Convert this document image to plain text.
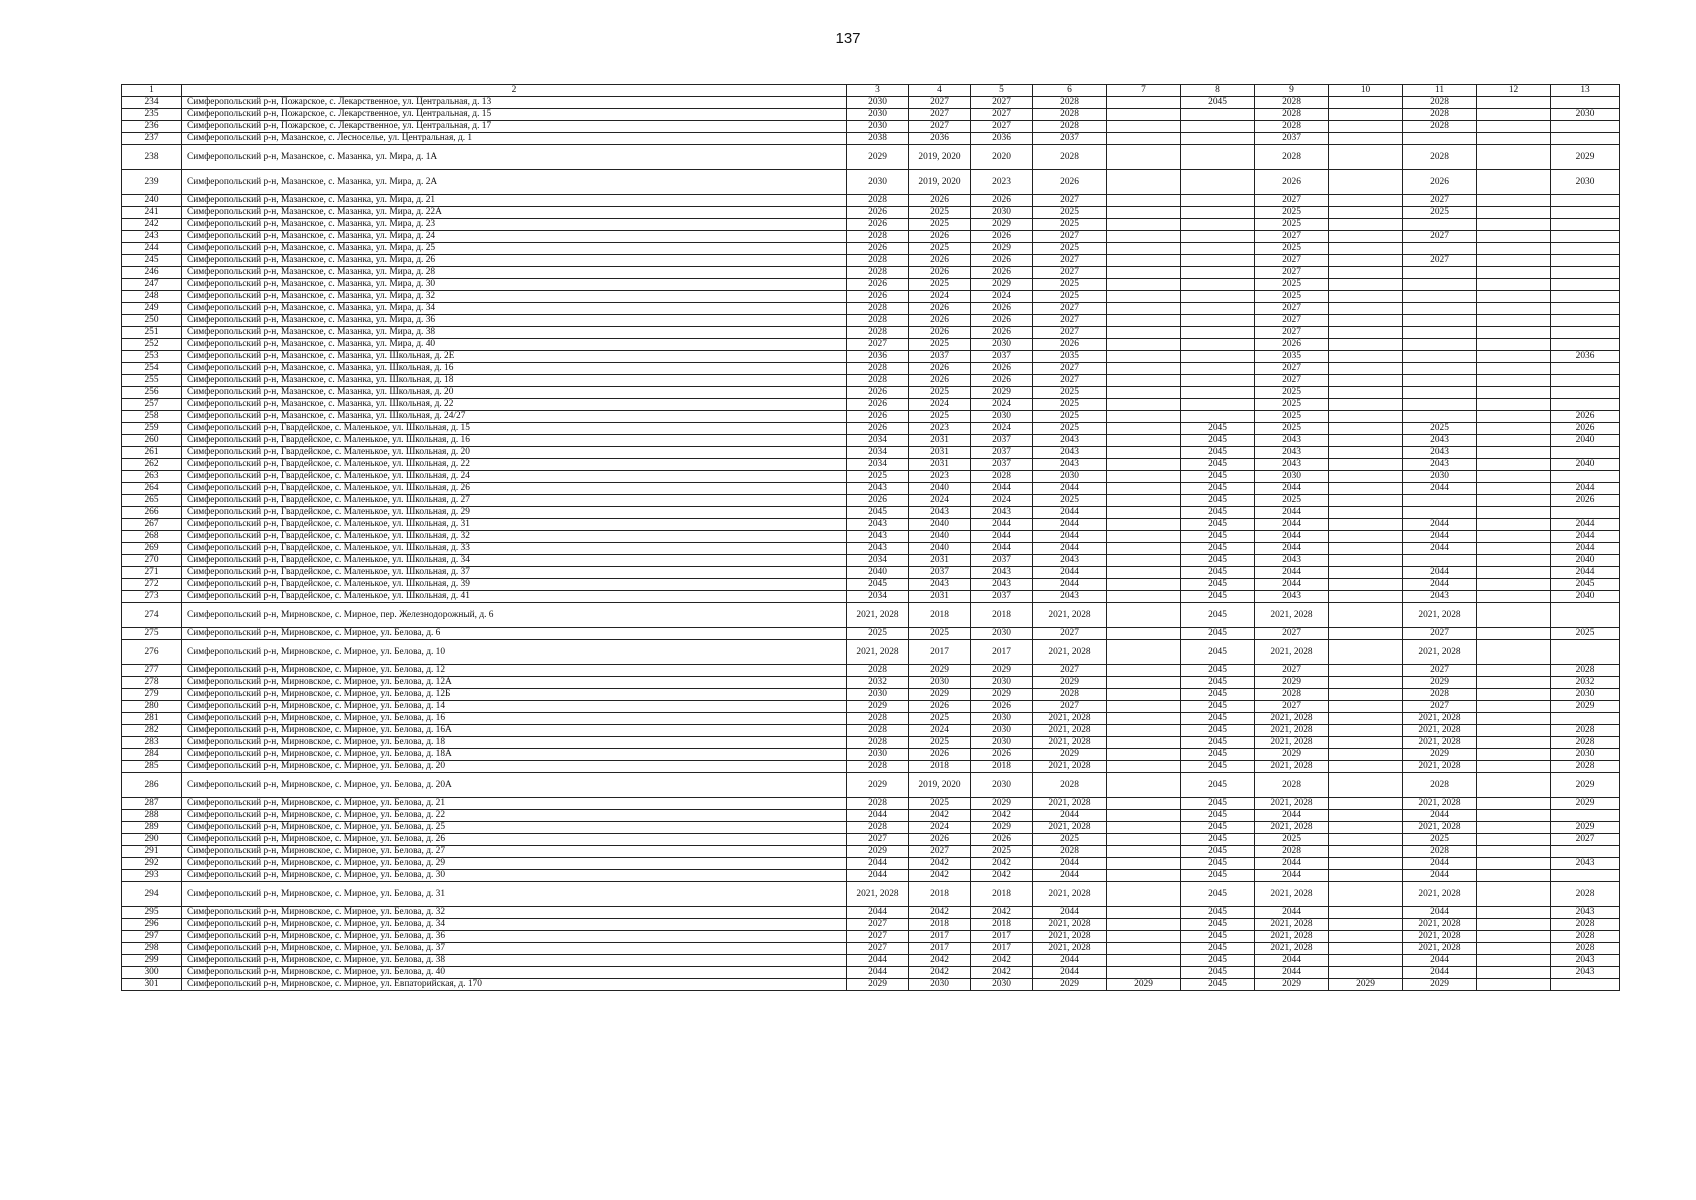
137
1	2	3	4	5	6	7	8	9	10	11	12	13
234	Симферопольский р-н, Пожарское, с. Лекарственное, ул. Центральная, д. 13	2030	2027	2027	2028		2045	2028		2028		
235	Симферопольский р-н, Пожарское, с. Лекарственное, ул. Центральная, д. 15	2030	2027	2027	2028			2028		2028		2030
236	Симферопольский р-н, Пожарское, с. Лекарственное, ул. Центральная, д. 17	2030	2027	2027	2028			2028		2028		
237	Симферопольский р-н, Мазанское, с. Лесноселье, ул. Центральная, д. 1	2038	2036	2036	2037			2037				
238	Симферопольский р-н, Мазанское, с. Мазанка, ул. Мира, д. 1А	2029	2019, 2020	2020	2028			2028		2028		2029
239	Симферопольский р-н, Мазанское, с. Мазанка, ул. Мира, д. 2А	2030	2019, 2020	2023	2026			2026		2026		2030
240	Симферопольский р-н, Мазанское, с. Мазанка, ул. Мира, д. 21	2028	2026	2026	2027			2027		2027		
241	Симферопольский р-н, Мазанское, с. Мазанка, ул. Мира, д. 22А	2026	2025	2030	2025			2025		2025		
242	Симферопольский р-н, Мазанское, с. Мазанка, ул. Мира, д. 23	2026	2025	2029	2025			2025				
243	Симферопольский р-н, Мазанское, с. Мазанка, ул. Мира, д. 24	2028	2026	2026	2027			2027		2027		
244	Симферопольский р-н, Мазанское, с. Мазанка, ул. Мира, д. 25	2026	2025	2029	2025			2025				
245	Симферопольский р-н, Мазанское, с. Мазанка, ул. Мира, д. 26	2028	2026	2026	2027			2027		2027		
246	Симферопольский р-н, Мазанское, с. Мазанка, ул. Мира, д. 28	2028	2026	2026	2027			2027				
247	Симферопольский р-н, Мазанское, с. Мазанка, ул. Мира, д. 30	2026	2025	2029	2025			2025				
248	Симферопольский р-н, Мазанское, с. Мазанка, ул. Мира, д. 32	2026	2024	2024	2025			2025				
249	Симферопольский р-н, Мазанское, с. Мазанка, ул. Мира, д. 34	2028	2026	2026	2027			2027				
250	Симферопольский р-н, Мазанское, с. Мазанка, ул. Мира, д. 36	2028	2026	2026	2027			2027				
251	Симферопольский р-н, Мазанское, с. Мазанка, ул. Мира, д. 38	2028	2026	2026	2027			2027				
252	Симферопольский р-н, Мазанское, с. Мазанка, ул. Мира, д. 40	2027	2025	2030	2026			2026				
253	Симферопольский р-н, Мазанское, с. Мазанка, ул. Школьная, д. 2Е	2036	2037	2037	2035			2035				2036
254	Симферопольский р-н, Мазанское, с. Мазанка, ул. Школьная, д. 16	2028	2026	2026	2027			2027				
255	Симферопольский р-н, Мазанское, с. Мазанка, ул. Школьная, д. 18	2028	2026	2026	2027			2027				
256	Симферопольский р-н, Мазанское, с. Мазанка, ул. Школьная, д. 20	2026	2025	2029	2025			2025				
257	Симферопольский р-н, Мазанское, с. Мазанка, ул. Школьная, д. 22	2026	2024	2024	2025			2025				
258	Симферопольский р-н, Мазанское, с. Мазанка, ул. Школьная, д. 24/27	2026	2025	2030	2025			2025				2026
259	Симферопольский р-н, Гвардейское, с. Маленькое, ул. Школьная, д. 15	2026	2023	2024	2025		2045	2025		2025		2026
260	Симферопольский р-н, Гвардейское, с. Маленькое, ул. Школьная, д. 16	2034	2031	2037	2043		2045	2043		2043		2040
261	Симферопольский р-н, Гвардейское, с. Маленькое, ул. Школьная, д. 20	2034	2031	2037	2043		2045	2043		2043		
262	Симферопольский р-н, Гвардейское, с. Маленькое, ул. Школьная, д. 22	2034	2031	2037	2043		2045	2043		2043		2040
263	Симферопольский р-н, Гвардейское, с. Маленькое, ул. Школьная, д. 24	2025	2023	2028	2030		2045	2030		2030		
264	Симферопольский р-н, Гвардейское, с. Маленькое, ул. Школьная, д. 26	2043	2040	2044	2044		2045	2044		2044		2044
265	Симферопольский р-н, Гвардейское, с. Маленькое, ул. Школьная, д. 27	2026	2024	2024	2025		2045	2025				2026
266	Симферопольский р-н, Гвардейское, с. Маленькое, ул. Школьная, д. 29	2045	2043	2043	2044		2045	2044				
267	Симферопольский р-н, Гвардейское, с. Маленькое, ул. Школьная, д. 31	2043	2040	2044	2044		2045	2044		2044		2044
268	Симферопольский р-н, Гвардейское, с. Маленькое, ул. Школьная, д. 32	2043	2040	2044	2044		2045	2044		2044		2044
269	Симферопольский р-н, Гвардейское, с. Маленькое, ул. Школьная, д. 33	2043	2040	2044	2044		2045	2044		2044		2044
270	Симферопольский р-н, Гвардейское, с. Маленькое, ул. Школьная, д. 34	2034	2031	2037	2043		2045	2043				2040
271	Симферопольский р-н, Гвардейское, с. Маленькое, ул. Школьная, д. 37	2040	2037	2043	2044		2045	2044		2044		2044
272	Симферопольский р-н, Гвардейское, с. Маленькое, ул. Школьная, д. 39	2045	2043	2043	2044		2045	2044		2044		2045
273	Симферопольский р-н, Гвардейское, с. Маленькое, ул. Школьная, д. 41	2034	2031	2037	2043		2045	2043		2043		2040
274	Симферопольский р-н, Мирновское, с. Мирное, пер. Железнодорожный, д. 6	2021, 2028	2018	2018	2021, 2028		2045	2021, 2028		2021, 2028		
275	Симферопольский р-н, Мирновское, с. Мирное, ул. Белова, д. 6	2025	2025	2030	2027		2045	2027		2027		2025
276	Симферопольский р-н, Мирновское, с. Мирное, ул. Белова, д. 10	2021, 2028	2017	2017	2021, 2028		2045	2021, 2028		2021, 2028		
277	Симферопольский р-н, Мирновское, с. Мирное, ул. Белова, д. 12	2028	2029	2029	2027		2045	2027		2027		2028
278	Симферопольский р-н, Мирновское, с. Мирное, ул. Белова, д. 12А	2032	2030	2030	2029		2045	2029		2029		2032
279	Симферопольский р-н, Мирновское, с. Мирное, ул. Белова, д. 12Б	2030	2029	2029	2028		2045	2028		2028		2030
280	Симферопольский р-н, Мирновское, с. Мирное, ул. Белова, д. 14	2029	2026	2026	2027		2045	2027		2027		2029
281	Симферопольский р-н, Мирновское, с. Мирное, ул. Белова, д. 16	2028	2025	2030	2021, 2028		2045	2021, 2028		2021, 2028		
282	Симферопольский р-н, Мирновское, с. Мирное, ул. Белова, д. 16А	2028	2024	2030	2021, 2028		2045	2021, 2028		2021, 2028		2028
283	Симферопольский р-н, Мирновское, с. Мирное, ул. Белова, д. 18	2028	2025	2030	2021, 2028		2045	2021, 2028		2021, 2028		2028
284	Симферопольский р-н, Мирновское, с. Мирное, ул. Белова, д. 18А	2030	2026	2026	2029		2045	2029		2029		2030
285	Симферопольский р-н, Мирновское, с. Мирное, ул. Белова, д. 20	2028	2018	2018	2021, 2028		2045	2021, 2028		2021, 2028		2028
286	Симферопольский р-н, Мирновское, с. Мирное, ул. Белова, д. 20А	2029	2019, 2020	2030	2028		2045	2028		2028		2029
287	Симферопольский р-н, Мирновское, с. Мирное, ул. Белова, д. 21	2028	2025	2029	2021, 2028		2045	2021, 2028		2021, 2028		2029
288	Симферопольский р-н, Мирновское, с. Мирное, ул. Белова, д. 22	2044	2042	2042	2044		2045	2044		2044		
289	Симферопольский р-н, Мирновское, с. Мирное, ул. Белова, д. 25	2028	2024	2029	2021, 2028		2045	2021, 2028		2021, 2028		2029
290	Симферопольский р-н, Мирновское, с. Мирное, ул. Белова, д. 26	2027	2026	2026	2025		2045	2025		2025		2027
291	Симферопольский р-н, Мирновское, с. Мирное, ул. Белова, д. 27	2029	2027	2025	2028		2045	2028		2028		
292	Симферопольский р-н, Мирновское, с. Мирное, ул. Белова, д. 29	2044	2042	2042	2044		2045	2044		2044		2043
293	Симферопольский р-н, Мирновское, с. Мирное, ул. Белова, д. 30	2044	2042	2042	2044		2045	2044		2044		
294	Симферопольский р-н, Мирновское, с. Мирное, ул. Белова, д. 31	2021, 2028	2018	2018	2021, 2028		2045	2021, 2028		2021, 2028		2028
295	Симферопольский р-н, Мирновское, с. Мирное, ул. Белова, д. 32	2044	2042	2042	2044		2045	2044		2044		2043
296	Симферопольский р-н, Мирновское, с. Мирное, ул. Белова, д. 34	2027	2018	2018	2021, 2028		2045	2021, 2028		2021, 2028		2028
297	Симферопольский р-н, Мирновское, с. Мирное, ул. Белова, д. 36	2027	2017	2017	2021, 2028		2045	2021, 2028		2021, 2028		2028
298	Симферопольский р-н, Мирновское, с. Мирное, ул. Белова, д. 37	2027	2017	2017	2021, 2028		2045	2021, 2028		2021, 2028		2028
299	Симферопольский р-н, Мирновское, с. Мирное, ул. Белова, д. 38	2044	2042	2042	2044		2045	2044		2044		2043
300	Симферопольский р-н, Мирновское, с. Мирное, ул. Белова, д. 40	2044	2042	2042	2044		2045	2044		2044		2043
301	Симферопольский р-н, Мирновское, с. Мирное, ул. Евпаторийская, д. 170	2029	2030	2030	2029	2029	2045	2029	2029	2029		
